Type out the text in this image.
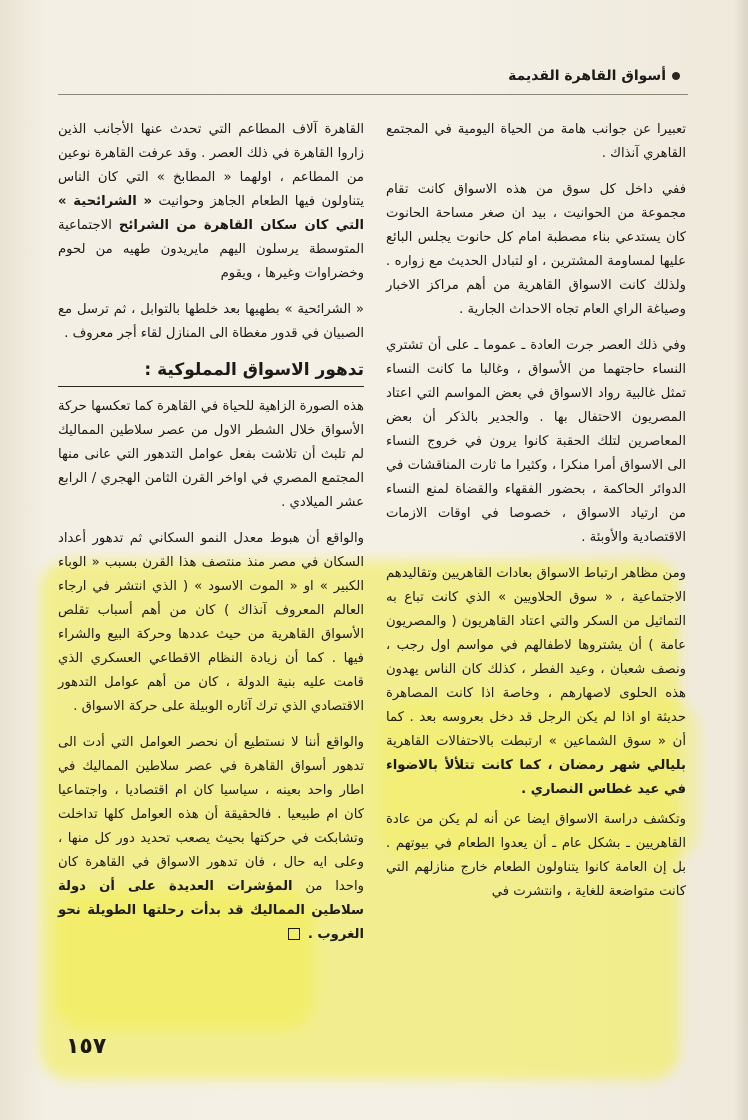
أسواق القاهرة القديمة

تعبيرا عن جوانب هامة من الحياة اليومية في المجتمع القاهري آنذاك .

ففي داخل كل سوق من هذه الاسواق كانت تقام مجموعة من الحوانيت ، بيد ان صغر مساحة الحانوت كان يستدعي بناء مصطبة امام كل حانوت يجلس البائع عليها لمساومة المشترين ، او لتبادل الحديث مع زواره . ولذلك كانت الاسواق القاهرية من أهم مراكز الاخبار وصياغة الراي العام تجاه الاحداث الجارية .

وفي ذلك العصر جرت العادة ـ عموما ـ على أن تشتري النساء حاجتهما من الأسواق ، وغالبا ما كانت النساء تمثل غالبية رواد الاسواق في بعض المواسم التي اعتاد المصريون الاحتفال بها . والجدير بالذكر أن بعض المعاصرين لتلك الحقبة كانوا يرون في خروج النساء الى الاسواق أمرا منكرا ، وكثيرا ما ثارت المناقشات في الدوائر الحاكمة ، بحضور الفقهاء والقضاة لمنع النساء من ارتياد الاسواق ، خصوصا في اوقات الازمات الاقتصادية والأوبئة .

ومن مظاهر ارتباط الاسواق بعادات القاهريين وتقاليدهم الاجتماعية ، « سوق الحلاويين » الذي كانت تباع به التماثيل من السكر والتي اعتاد القاهريون ( والمصريون عامة ) أن يشتروها لاطفالهم في مواسم اول رجب ، ونصف شعبان ، وعيد الفطر ، كذلك كان الناس يهدون هذه الحلوى لاصهارهم ، وخاصة اذا كانت المصاهرة حديثة او اذا لم يكن الرجل قد دخل بعروسه بعد . كما أن « سوق الشماعين » ارتبطت بالاحتفالات القاهرية بليالي شهر رمضان ، كما كانت تتلألأ بالاضواء في عيد غطاس النصاري .

وتكشف دراسة الاسواق ايضا عن أنه لم يكن من عادة القاهريين ـ بشكل عام ـ أن يعدوا الطعام في بيوتهم . بل إن العامة كانوا يتناولون الطعام خارج منازلهم التي كانت متواضعة للغاية ، وانتشرت في

القاهرة آلاف المطاعم التي تحدث عنها الأجانب الذين زاروا القاهرة في ذلك العصر . وقد عرفت القاهرة نوعين من المطاعم ، اولهما « المطابخ » التي كان الناس يتناولون فيها الطعام الجاهز وحوانيت « الشرائحية » التي كان سكان القاهرة من الشرائح الاجتماعية المتوسطة يرسلون اليهم مايريدون طهيه من لحوم وخضراوات وغيرها ، ويقوم

« الشرائحية » بطهيها بعد خلطها بالتوابل ، ثم ترسل مع الصبيان في قدور مغطاة الى المنازل لقاء أجر معروف .

تدهور الاسواق المملوكية :

هذه الصورة الزاهية للحياة في القاهرة كما تعكسها حركة الأسواق خلال الشطر الاول من عصر سلاطين المماليك لم تلبث أن تلاشت بفعل عوامل التدهور التي عانى منها المجتمع المصري في اواخر القرن الثامن الهجري / الرابع عشر الميلادي .

والواقع أن هبوط معدل النمو السكاني ثم تدهور أعداد السكان في مصر منذ منتصف هذا القرن بسبب « الوباء الكبير » او « الموت الاسود » ( الذي انتشر في ارجاء العالم المعروف آنذاك ) كان من أهم أسباب تقلص الأسواق القاهرية من حيث عددها وحركة البيع والشراء فيها . كما أن زيادة النظام الاقطاعي العسكري الذي قامت عليه بنية الدولة ، كان من أهم عوامل التدهور الاقتصادي الذي ترك آثاره الوبيلة على حركة الاسواق .

والواقع أننا لا نستطيع أن نحصر العوامل التي أدت الى تدهور أسواق القاهرة في عصر سلاطين المماليك في اطار واحد بعينه ، سياسيا كان ام اقتصاديا ، واجتماعيا كان ام طبيعيا . فالحقيقة أن هذه العوامل كلها تداخلت وتشابكت في حركتها بحيث يصعب تحديد دور كل منها ، وعلى ايه حال ، فان تدهور الاسواق في القاهرة كان واحدا من المؤشرات العديدة على أن دولة سلاطين المماليك قد بدأت رحلتها الطويلة نحو الغروب .

١٥٧
